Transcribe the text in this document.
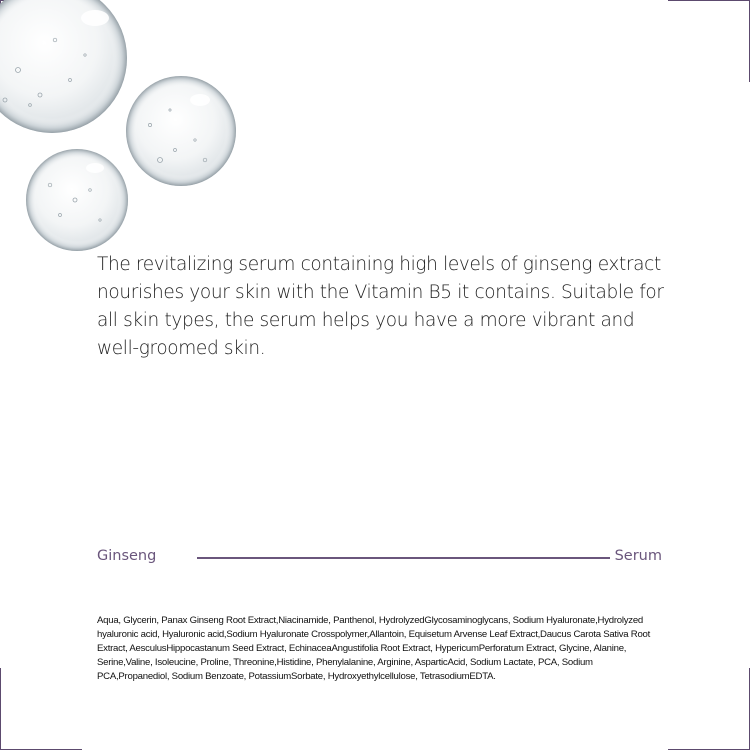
The revitalizing serum containing high levels of ginseng extract nourishes your skin with the Vitamin B5 it contains. Suitable for all skin types, the serum helps you have a more vibrant and well-groomed skin.

Ginseng	Serum

Aqua, Glycerin, Panax Ginseng Root Extract,Niacinamide, Panthenol, HydrolyzedGlycosaminoglycans, Sodium Hyaluronate,Hydrolyzed hyaluronic acid, Hyaluronic acid,Sodium Hyaluronate Crosspolymer,Allantoin, Equisetum Arvense Leaf Extract,Daucus Carota Sativa Root Extract, AesculusHippocastanum Seed Extract, EchinaceaAngustifolia Root Extract, HypericumPerforatum Extract, Glycine, Alanine, Serine,Valine, Isoleucine, Proline, Threonine,Histidine, Phenylalanine, Arginine, AsparticAcid, Sodium Lactate, PCA, Sodium PCA,Propanediol, Sodium Benzoate, PotassiumSorbate, Hydroxyethylcellulose, TetrasodiumEDTA.
